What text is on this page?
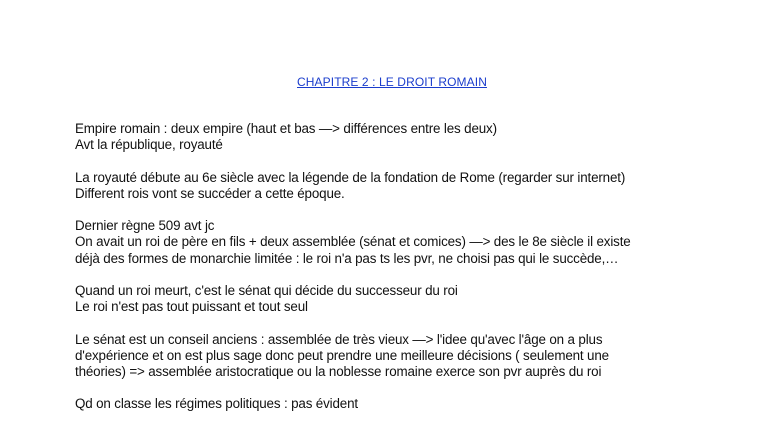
CHAPITRE 2 : LE DROIT ROMAIN

Empire romain : deux empire (haut et bas —> différences entre les deux)
Avt la république, royauté

La royauté débute au 6e siècle avec la légende de la fondation de Rome (regarder sur internet)
Different rois vont se succéder a cette époque.

Dernier règne 509 avt jc
On avait un roi de père en fils + deux assemblée (sénat et comices) —> des le 8e siècle il existe
déjà des formes de monarchie limitée : le roi n'a pas ts les pvr, ne choisi pas qui le succède,…

Quand un roi meurt, c'est le sénat qui décide du successeur du roi
Le roi n'est pas tout puissant et tout seul

Le sénat est un conseil anciens : assemblée de très vieux —> l'idee qu'avec l'âge on a plus
d'expérience et on est plus sage donc peut prendre une meilleure décisions ( seulement une
théories) => assemblée aristocratique ou la noblesse romaine exerce son pvr auprès du roi

Qd on classe les régimes politiques : pas évident
